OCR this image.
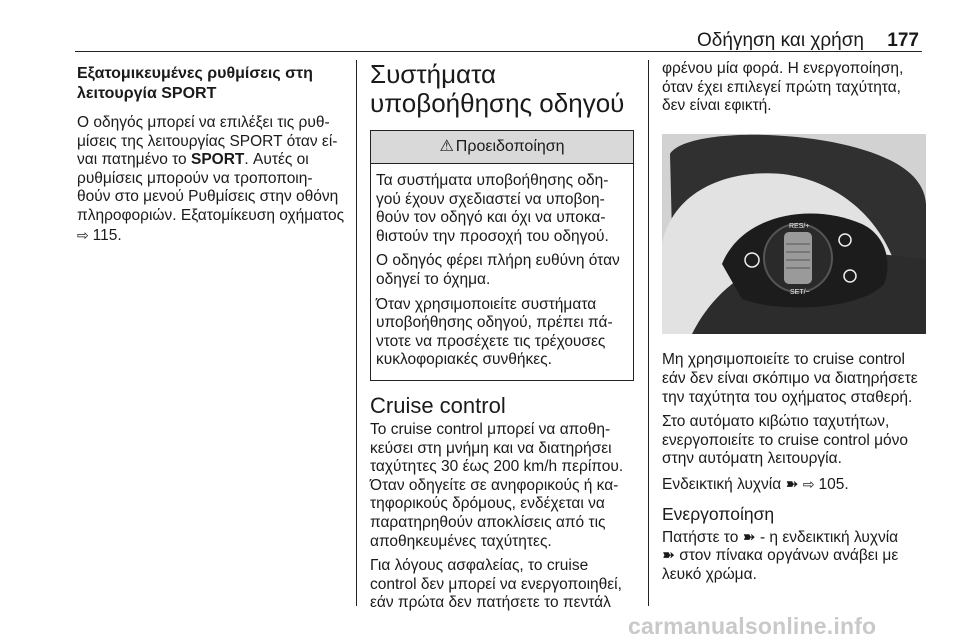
Οδήγηση και χρήση 177
Εξατομικευμένες ρυθμίσεις στη λειτουργία SPORT

Ο οδηγός μπορεί να επιλέξει τις ρυθ‐μίσεις της λειτουργίας SPORT όταν εί‐ναι πατημένο το SPORT. Αυτές οι ρυθμίσεις μπορούν να τροποποιη‐θούν στο μενού Ρυθμίσεις στην οθόνη πληροφοριών. Εξατομίκευση οχήματος ⇨ 115.

Συστήματα υποβοήθησης οδηγού
⚠ Προειδοποίηση

Τα συστήματα υποβοήθησης οδη‐γού έχουν σχεδιαστεί να υποβοη‐θούν τον οδηγό και όχι να υποκα‐θιστούν την προσοχή του οδηγού.

Ο οδηγός φέρει πλήρη ευθύνη όταν οδηγεί το όχημα.

Όταν χρησιμοποιείτε συστήματα υποβοήθησης οδηγού, πρέπει πά‐ντοτε να προσέχετε τις τρέχουσες κυκλοφοριακές συνθήκες.

Cruise control

Το cruise control μπορεί να αποθη‐κεύσει στη μνήμη και να διατηρήσει ταχύτητες 30 έως 200 km/h περίπου. Όταν οδηγείτε σε ανηφορικούς ή κα‐τηφορικούς δρόμους, ενδέχεται να παρατηρηθούν αποκλίσεις από τις αποθηκευμένες ταχύτητες.

Για λόγους ασφαλείας, το cruise control δεν μπορεί να ενεργοποιηθεί, εάν πρώτα δεν πατήσετε το πεντάλ

φρένου μία φορά. Η ενεργοποίηση, όταν έχει επιλεγεί πρώτη ταχύτητα, δεν είναι εφικτή.

RES/+
SET/−

Μη χρησιμοποιείτε το cruise control εάν δεν είναι σκόπιμο να διατηρήσετε την ταχύτητα του οχήματος σταθερή.

Στο αυτόματο κιβώτιο ταχυτήτων, ενεργοποιείτε το cruise control μόνο στην αυτόματη λειτουργία.

Ενδεικτική λυχνία ➽ ⇨ 105.

Ενεργοποίηση

Πατήστε το ➽ - η ενδεικτική λυχνία
➽ στον πίνακα οργάνων ανάβει με λευκό χρώμα.

carmanualsonline.info
